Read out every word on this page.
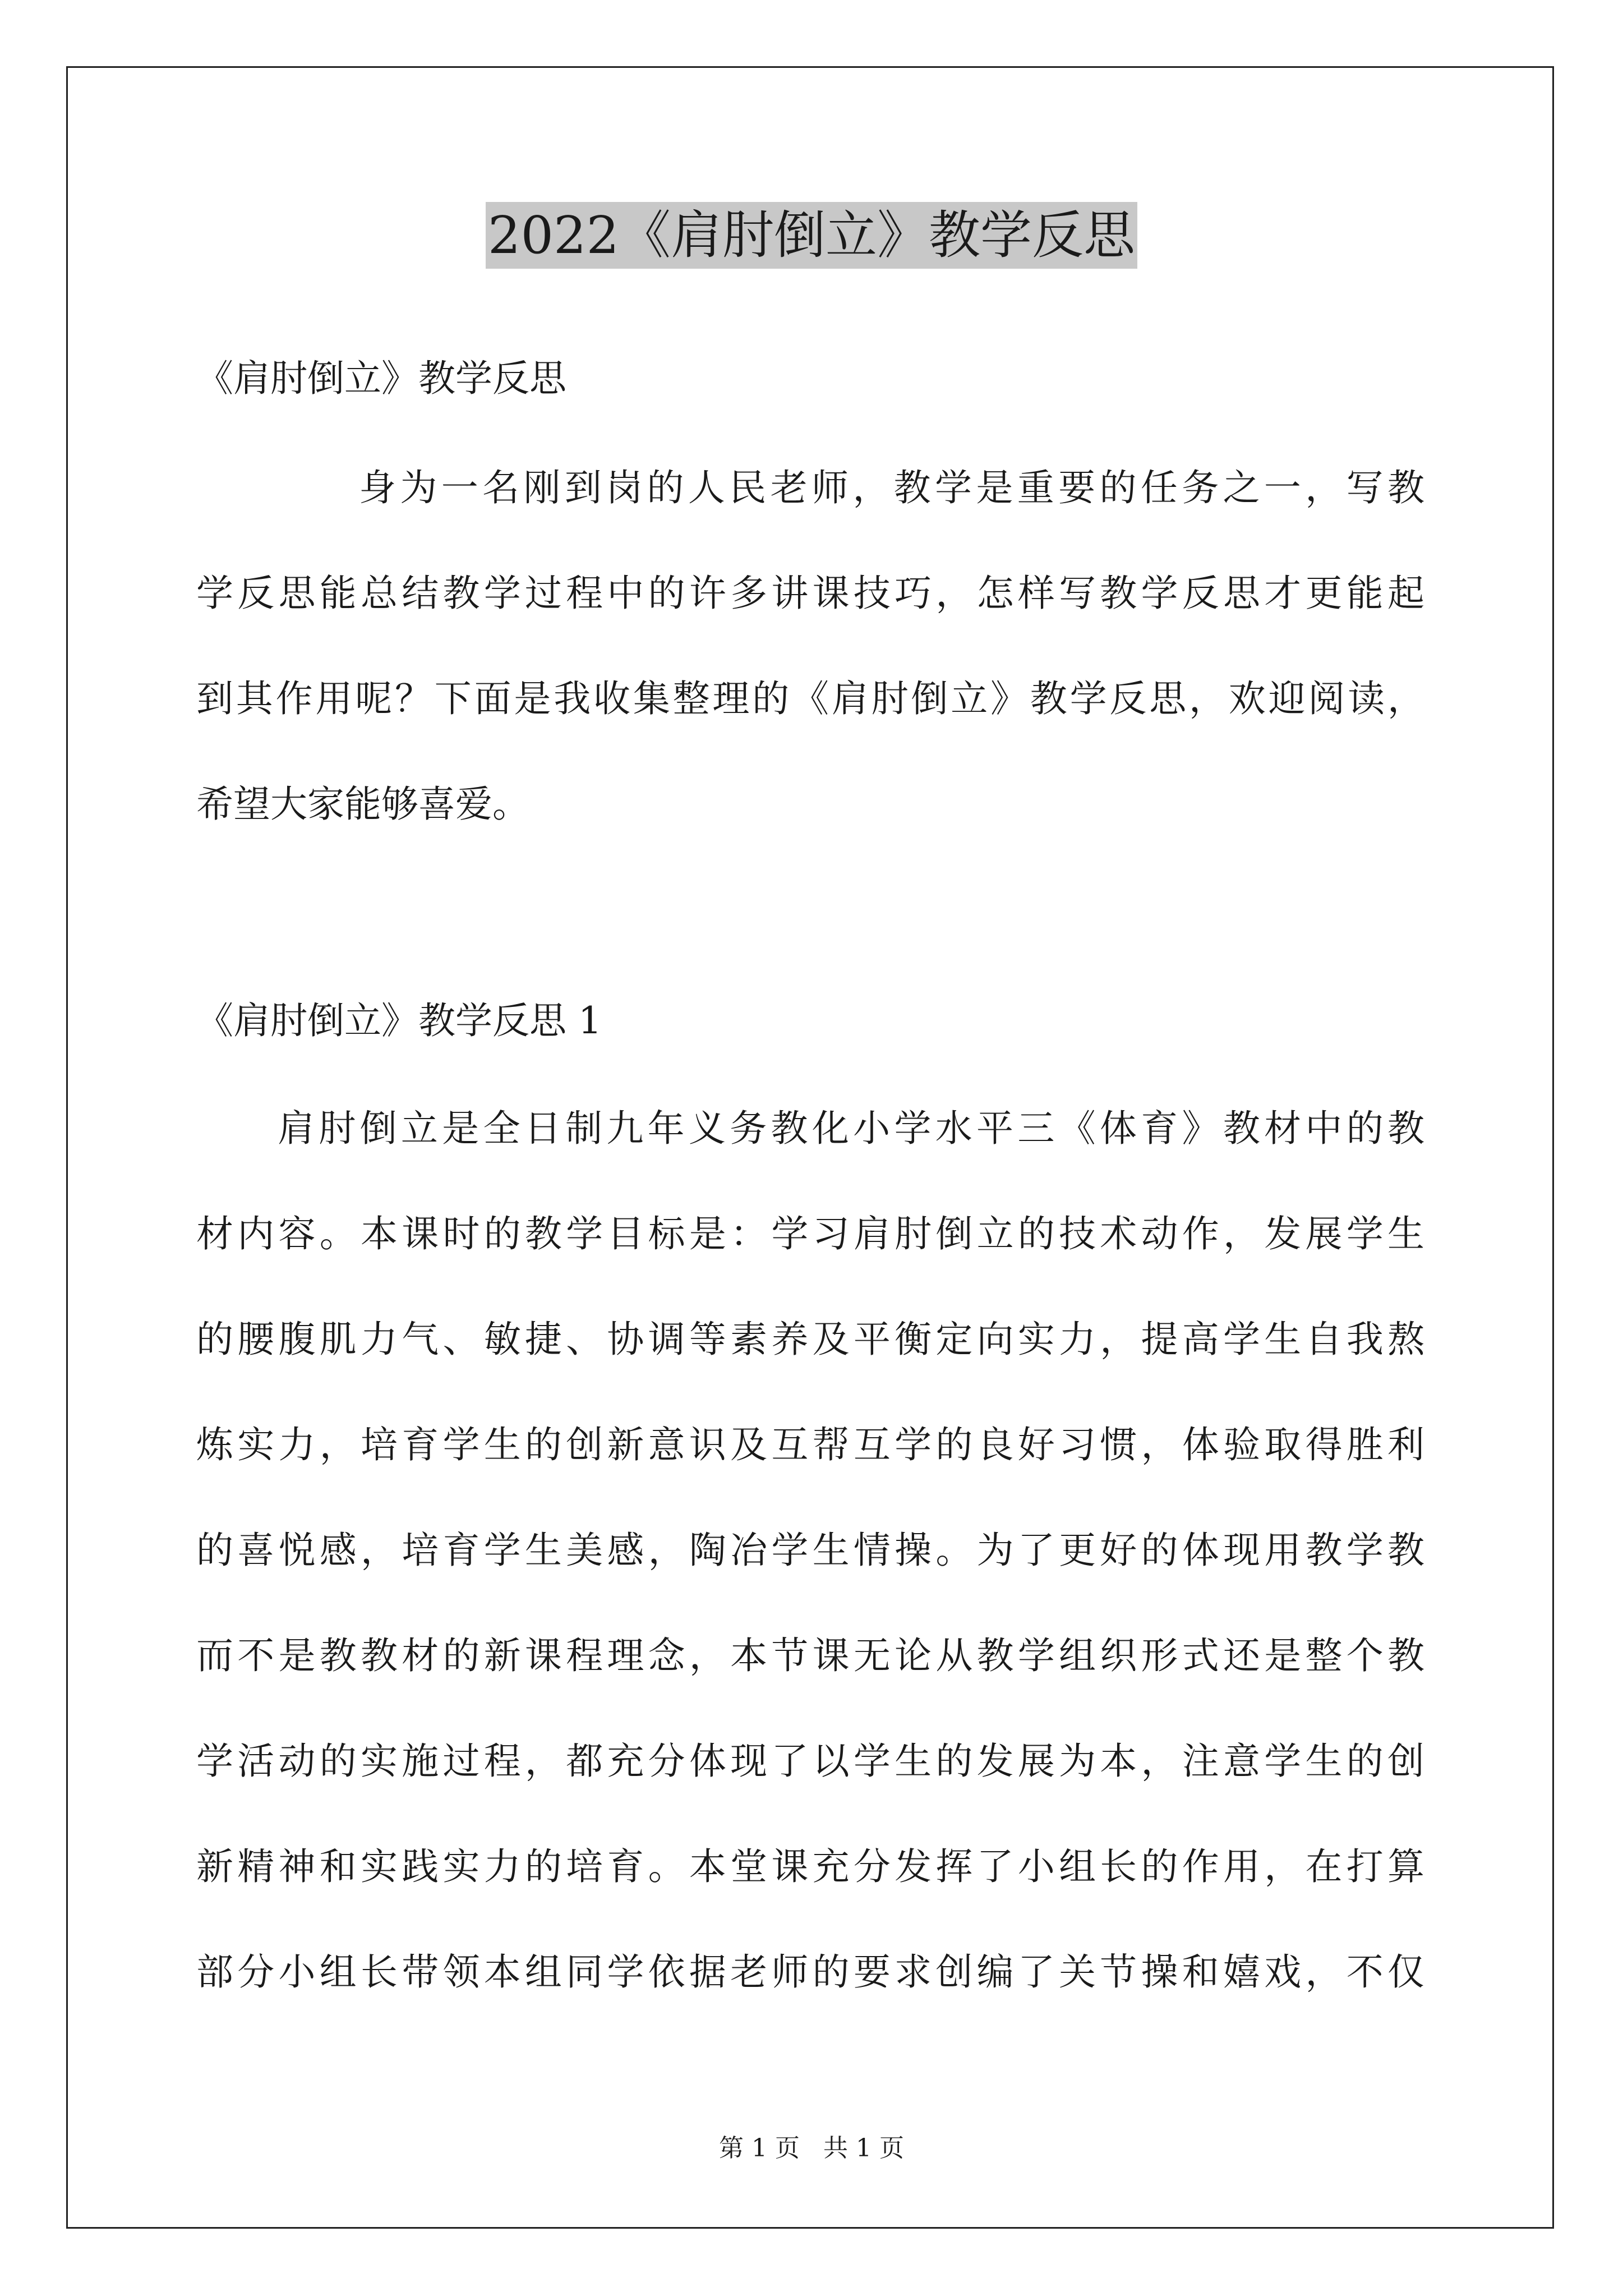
2022《肩肘倒立》教学反思
《肩肘倒立》教学反思
身为一名刚到岗的人民老师，教学是重要的任务之一，写教
学反思能总结教学过程中的许多讲课技巧，怎样写教学反思才更能起
到其作用呢？下面是我收集整理的《肩肘倒立》教学反思，欢迎阅读，
希望大家能够喜爱。
《肩肘倒立》教学反思 1
肩肘倒立是全日制九年义务教化小学水平三《体育》教材中的教
材内容。本课时的教学目标是：学习肩肘倒立的技术动作，发展学生
的腰腹肌力气、敏捷、协调等素养及平衡定向实力，提高学生自我熬
炼实力，培育学生的创新意识及互帮互学的良好习惯，体验取得胜利
的喜悦感，培育学生美感，陶冶学生情操。为了更好的体现用教学教
而不是教教材的新课程理念，本节课无论从教学组织形式还是整个教
学活动的实施过程，都充分体现了以学生的发展为本，注意学生的创
新精神和实践实力的培育。本堂课充分发挥了小组长的作用，在打算
部分小组长带领本组同学依据老师的要求创编了关节操和嬉戏，不仅
第 1 页   共 1 页
